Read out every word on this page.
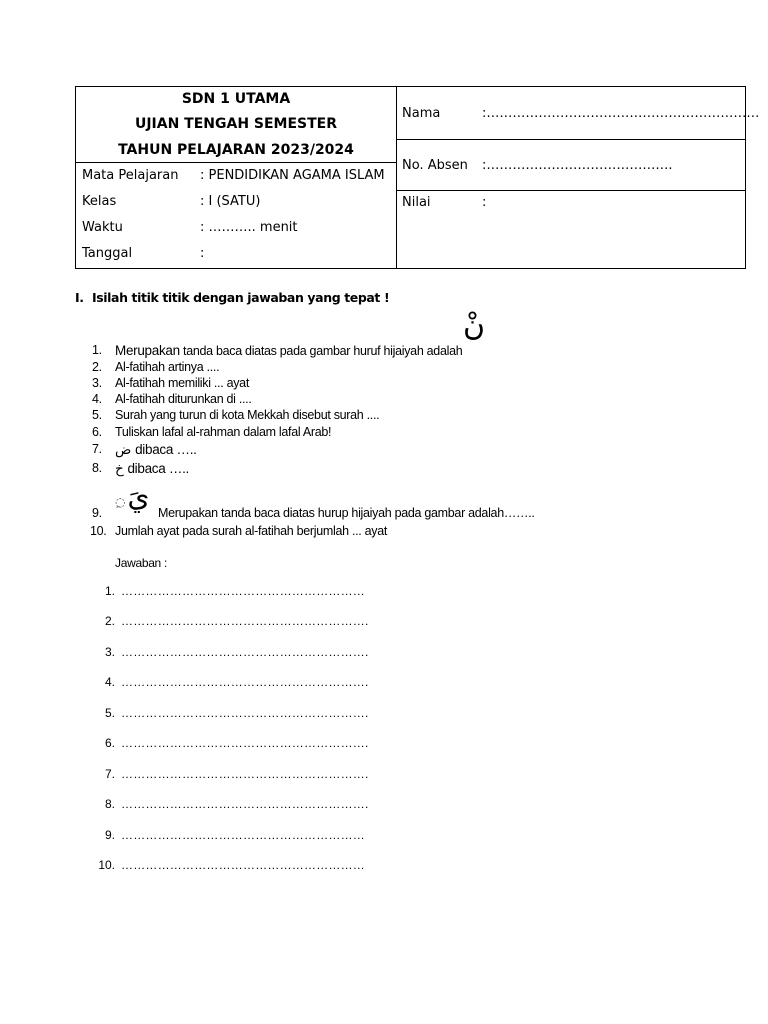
SDN 1 UTAMA
UJIAN TENGAH SEMESTER
TAHUN PELAJARAN 2023/2024
Mata Pelajaran : PENDIDIKAN AGAMA ISLAM
Kelas	: I (SATU)
Waktu	: ……….. menit
Tanggal	:
Nama	:………………………………………………………
No. Absen :…………………………………….
Nilai	:
I. Isilah titik titik dengan jawaban yang tepat !
نْ
1. Merupakan tanda baca diatas pada gambar huruf hijaiyah adalah
2.	Al-fatihah artinya ....
3.	Al-fatihah memiliki ... ayat
4.	Al-fatihah diturunkan di ....
5.	Surah yang turun di kota Mekkah disebut surah ....
6.	Tuliskan lafal al-rahman dalam lafal Arab!
7. ض dibaca …..
8. خ dibaca …..
9.
◌ِيَ Merupakan tanda baca diatas hurup hijaiyah pada gambar adalah……..
10. Jumlah ayat pada surah al-fatihah berjumlah ... ayat
Jawaban :
1. ……………………………………………………
2. …………………………………………………….
3. …………………………………………………….
4. …………………………………………………….
5. …………………………………………………….
6. …………………………………………………….
7. …………………………………………………….
8. …………………………………………………….
9. ……………………………………………………
10. ……………………………………………………
